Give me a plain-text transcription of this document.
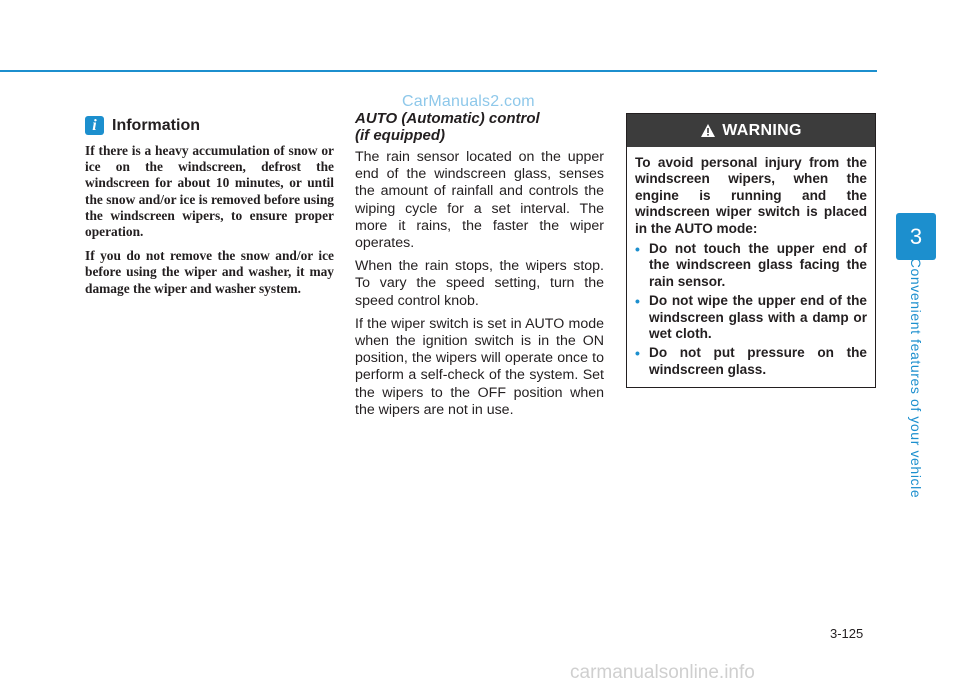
CarManuals2.com
i Information

If there is a heavy accumulation of snow or ice on the windscreen, defrost the windscreen for about 10 minutes, or until the snow and/or ice is removed before using the windscreen wipers, to ensure proper operation.

If you do not remove the snow and/or ice before using the wiper and washer, it may damage the wiper and washer system.

AUTO (Automatic) control
(if equipped)

The rain sensor located on the upper end of the windscreen glass, senses the amount of rainfall and controls the wiping cycle for a set interval. The more it rains, the faster the wiper operates.

When the rain stops, the wipers stop. To vary the speed setting, turn the speed control knob.

If the wiper switch is set in AUTO mode when the ignition switch is in the ON position, the wipers will operate once to perform a self-check of the system. Set the wipers to the OFF position when the wipers are not in use.

WARNING

To avoid personal injury from the windscreen wipers, when the engine is running and the windscreen wiper switch is placed in the AUTO mode:

• Do not touch the upper end of the windscreen glass facing the rain sensor.
• Do not wipe the upper end of the windscreen glass with a damp or wet cloth.
• Do not put pressure on the windscreen glass.
3
Convenient features of your vehicle
3-125
carmanualsonline.info
